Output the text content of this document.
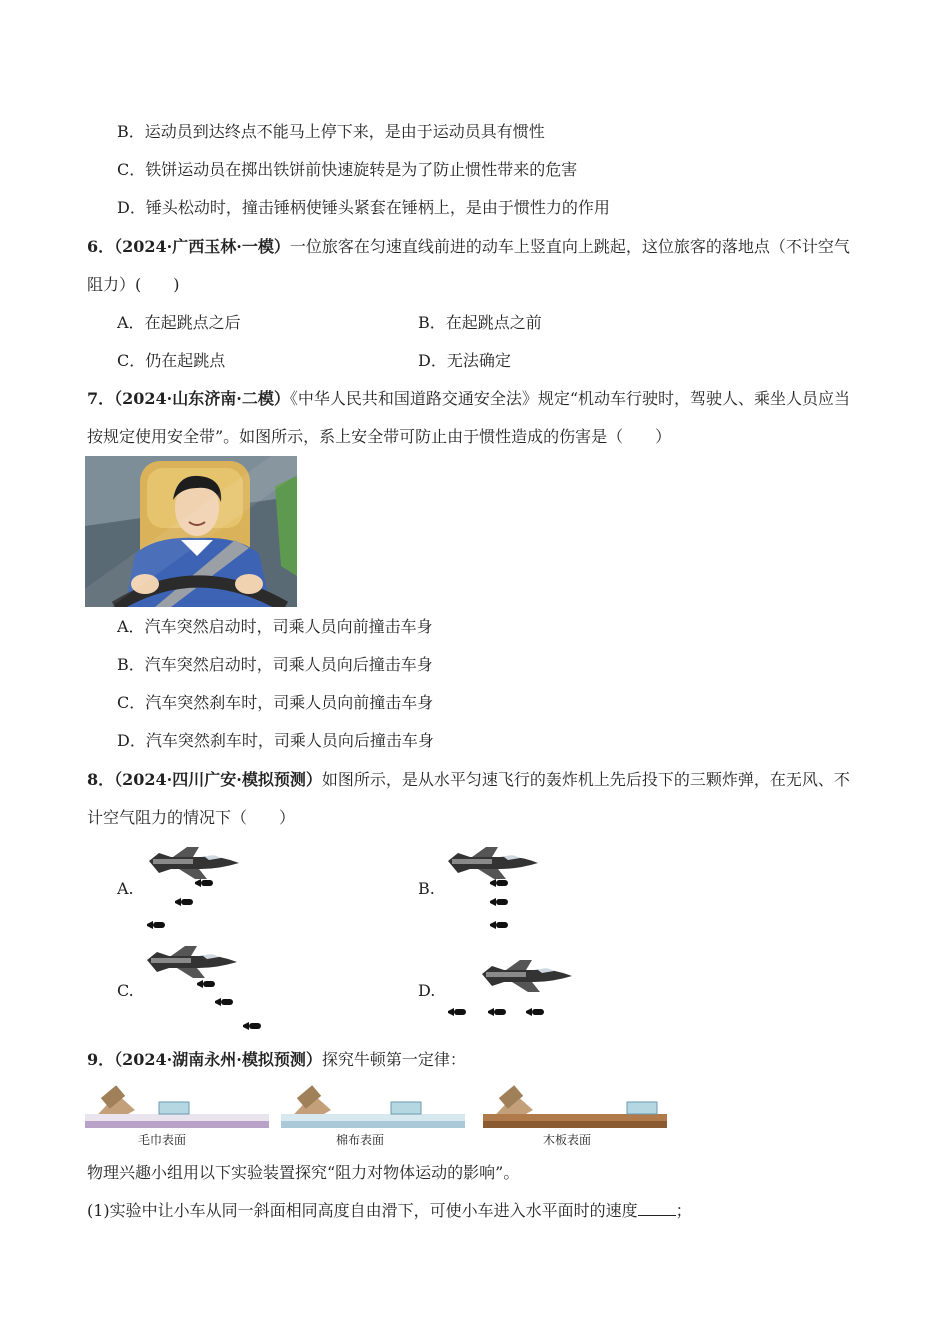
B．运动员到达终点不能马上停下来，是由于运动员具有惯性
C．铁饼运动员在掷出铁饼前快速旋转是为了防止惯性带来的危害
D．锤头松动时，撞击锤柄使锤头紧套在锤柄上，是由于惯性力的作用
6．（2024·广西玉林·一模）一位旅客在匀速直线前进的动车上竖直向上跳起，这位旅客的落地点（不计空气
阻力）(　　)
A．在起跳点之后	B．在起跳点之前
C．仍在起跳点	D．无法确定
7．（2024·山东济南·二模）《中华人民共和国道路交通安全法》规定“机动车行驶时，驾驶人、乘坐人员应当
按规定使用安全带”。如图所示，系上安全带可防止由于惯性造成的伤害是（　　）
A．汽车突然启动时，司乘人员向前撞击车身
B．汽车突然启动时，司乘人员向后撞击车身
C．汽车突然刹车时，司乘人员向前撞击车身
D．汽车突然刹车时，司乘人员向后撞击车身
8．（2024·四川广安·模拟预测）如图所示，是从水平匀速飞行的轰炸机上先后投下的三颗炸弹，在无风、不
计空气阻力的情况下（　　）
A.	B.
C.	D.
9．（2024·湖南永州·模拟预测）探究牛顿第一定律：
毛巾表面	棉布表面	木板表面
物理兴趣小组用以下实验装置探究“阻力对物体运动的影响”。
(1)实验中让小车从同一斜面相同高度自由滑下，可使小车进入水平面时的速度 ；
